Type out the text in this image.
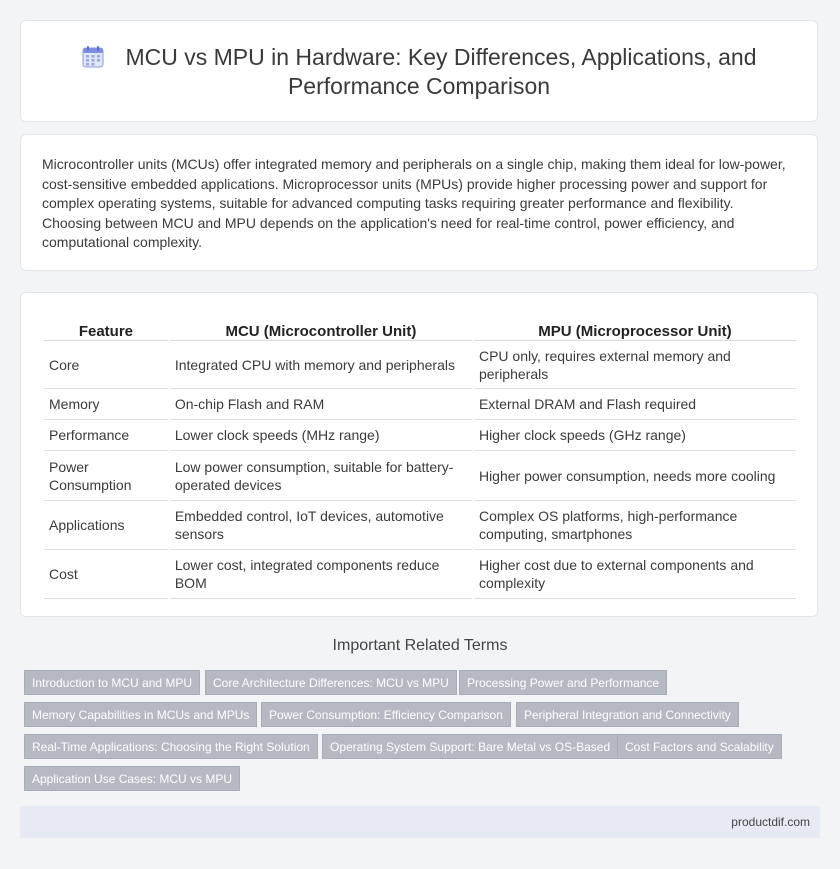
MCU vs MPU in Hardware: Key Differences, Applications, and Performance Comparison
Microcontroller units (MCUs) offer integrated memory and peripherals on a single chip, making them ideal for low-power, cost-sensitive embedded applications. Microprocessor units (MPUs) provide higher processing power and support for complex operating systems, suitable for advanced computing tasks requiring greater performance and flexibility. Choosing between MCU and MPU depends on the application's need for real-time control, power efficiency, and computational complexity.
Feature	MCU (Microcontroller Unit)	MPU (Microprocessor Unit)
Core	Integrated CPU with memory and peripherals	CPU only, requires external memory and peripherals
Memory	On-chip Flash and RAM	External DRAM and Flash required
Performance	Lower clock speeds (MHz range)	Higher clock speeds (GHz range)
Power Consumption	Low power consumption, suitable for battery-operated devices	Higher power consumption, needs more cooling
Applications	Embedded control, IoT devices, automotive sensors	Complex OS platforms, high-performance computing, smartphones
Cost	Lower cost, integrated components reduce BOM	Higher cost due to external components and complexity
Important Related Terms
Introduction to MCU and MPU	Core Architecture Differences: MCU vs MPU	Processing Power and Performance
Memory Capabilities in MCUs and MPUs	Power Consumption: Efficiency Comparison	Peripheral Integration and Connectivity
Real-Time Applications: Choosing the Right Solution	Operating System Support: Bare Metal vs OS-Based	Cost Factors and Scalability
Application Use Cases: MCU vs MPU
productdif.com
